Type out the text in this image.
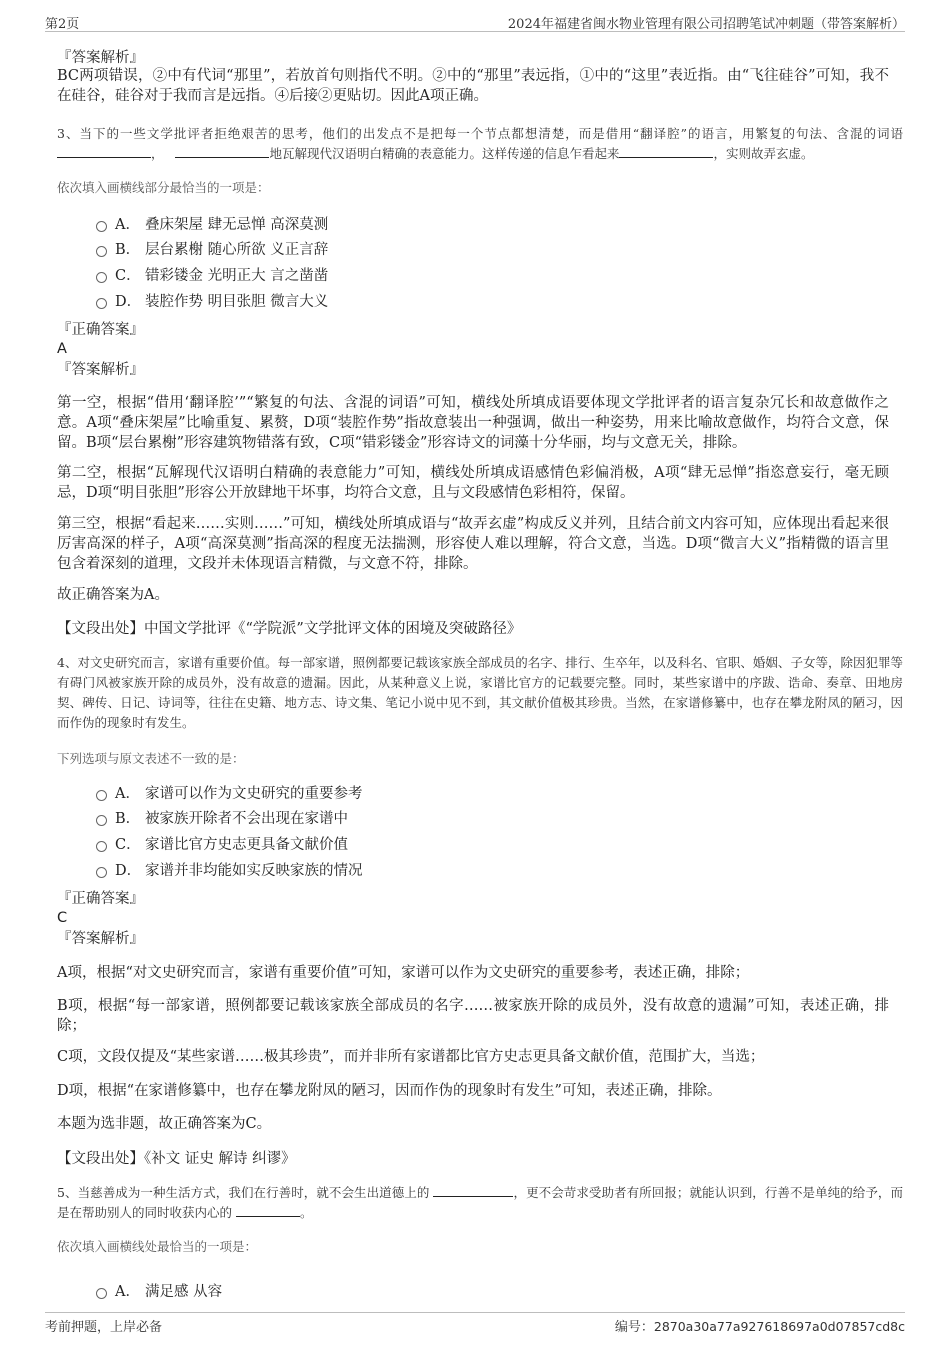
第2页	2024年福建省闽水物业管理有限公司招聘笔试冲刺题（带答案解析）
『答案解析』
BC两项错误，②中有代词“那里”，若放首句则指代不明。②中的“那里”表远指，①中的“这里”表近指。由“飞往硅谷”可知，我不在硅谷，硅谷对于我而言是远指。④后接②更贴切。因此A项正确。
3、当下的一些文学批评者拒绝艰苦的思考，他们的出发点不是把每一个节点都想清楚，而是借用“翻译腔”的语言，用繁复的句法、含混的词语，	地瓦解现代汉语明白精确的表意能力。这样传递的信息乍看起来	，实则故弄玄虚。
依次填入画横线部分最恰当的一项是：
A． 叠床架屋 肆无忌惮 高深莫测
B． 层台累榭 随心所欲 义正言辞
C． 错彩镂金 光明正大 言之凿凿
D． 装腔作势 明目张胆 微言大义
『正确答案』
A
『答案解析』
第一空，根据“借用‘翻译腔’”“繁复的句法、含混的词语”可知，横线处所填成语要体现文学批评者的语言复杂冗长和故意做作之意。A项“叠床架屋”比喻重复、累赘，D项“装腔作势”指故意装出一种强调，做出一种姿势，用来比喻故意做作，均符合文意，保留。B项“层台累榭”形容建筑物错落有致，C项“错彩镂金”形容诗文的词藻十分华丽，均与文意无关，排除。
第二空，根据“瓦解现代汉语明白精确的表意能力”可知，横线处所填成语感情色彩偏消极，A项“肆无忌惮”指恣意妄行，毫无顾忌，D项“明目张胆”形容公开放肆地干坏事，均符合文意，且与文段感情色彩相符，保留。
第三空，根据“看起来……实则……”可知，横线处所填成语与“故弄玄虚”构成反义并列，且结合前文内容可知，应体现出看起来很厉害高深的样子，A项“高深莫测”指高深的程度无法揣测，形容使人难以理解，符合文意，当选。D项“微言大义”指精微的语言里包含着深刻的道理，文段并未体现语言精微，与文意不符，排除。
故正确答案为A。
【文段出处】中国文学批评《“学院派”文学批评文体的困境及突破路径》
4、对文史研究而言，家谱有重要价值。每一部家谱，照例都要记载该家族全部成员的名字、排行、生卒年，以及科名、官职、婚姻、子女等，除因犯罪等有碍门风被家族开除的成员外，没有故意的遗漏。因此，从某种意义上说，家谱比官方的记载要完整。同时，某些家谱中的序跋、诰命、奏章、田地房契、碑传、日记、诗词等，往往在史籍、地方志、诗文集、笔记小说中见不到，其文献价值极其珍贵。当然，在家谱修纂中，也存在攀龙附凤的陋习，因而作伪的现象时有发生。
下列选项与原文表述不一致的是：
A． 家谱可以作为文史研究的重要参考
B． 被家族开除者不会出现在家谱中
C． 家谱比官方史志更具备文献价值
D． 家谱并非均能如实反映家族的情况
『正确答案』
C
『答案解析』
A项，根据“对文史研究而言，家谱有重要价值”可知，家谱可以作为文史研究的重要参考，表述正确，排除；
B项，根据“每一部家谱，照例都要记载该家族全部成员的名字……被家族开除的成员外，没有故意的遗漏”可知，表述正确，排除；
C项，文段仅提及“某些家谱……极其珍贵”，而并非所有家谱都比官方史志更具备文献价值，范围扩大，当选；
D项，根据“在家谱修纂中，也存在攀龙附凤的陋习，因而作伪的现象时有发生”可知，表述正确，排除。
本题为选非题，故正确答案为C。
【文段出处】《补文 证史 解诗 纠谬》
5、当慈善成为一种生活方式，我们在行善时，就不会生出道德上的	，更不会苛求受助者有所回报；就能认识到，行善不是单纯的给予，而是在帮助别人的同时收获内心的	。
依次填入画横线处最恰当的一项是：
A． 满足感 从容
考前押题，上岸必备	编号：2870a30a77a927618697a0d07857cd8c
